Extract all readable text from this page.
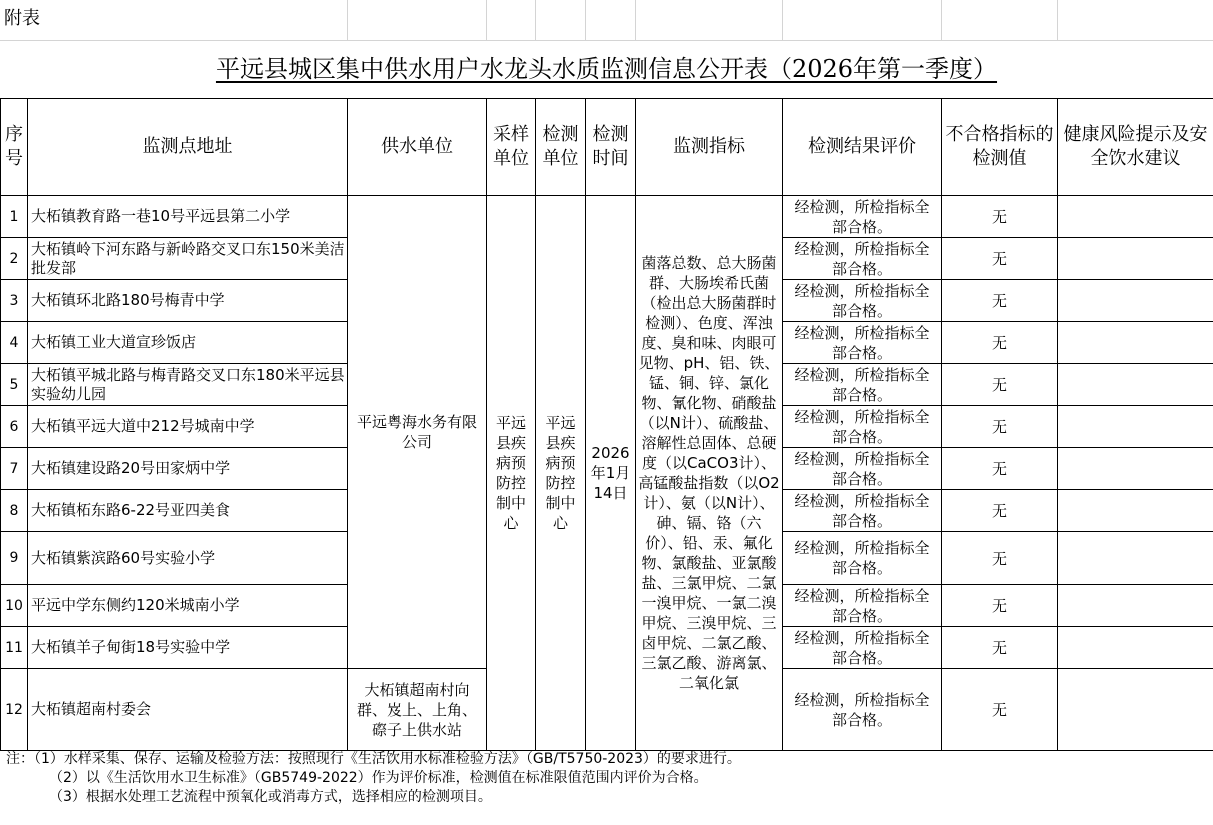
附表
平远县城区集中供水用户水龙头水质监测信息公开表（2026年第一季度）
序号	监测点地址	供水单位	采样单位	检测单位	检测时间	监测指标	检测结果评价	不合格指标的检测值	健康风险提示及安全饮水建议
1	大柘镇教育路一巷10号平远县第二小学	平远粤海水务有限公司	平远县疾病预防控制中心	平远县疾病预防控制中心	2026年1月14日	菌落总数、总大肠菌群、大肠埃希氏菌（检出总大肠菌群时检测）、色度、浑浊度、臭和味、肉眼可见物、pH、铝、铁、锰、铜、锌、氯化物、氰化物、硝酸盐（以N计）、硫酸盐、溶解性总固体、总硬度（以CaCO3计）、高锰酸盐指数（以O2计）、氨（以N计）、砷、镉、铬（六价）、铅、汞、氟化物、氯酸盐、亚氯酸盐、三氯甲烷、二氯一溴甲烷、一氯二溴甲烷、三溴甲烷、三卤甲烷、二氯乙酸、三氯乙酸、游离氯、二氧化氯	经检测，所检指标全部合格。	无	
2	大柘镇岭下河东路与新岭路交叉口东150米美洁批发部						经检测，所检指标全部合格。	无	
3	大柘镇环北路180号梅青中学						经检测，所检指标全部合格。	无	
4	大柘镇工业大道宣珍饭店						经检测，所检指标全部合格。	无	
5	大柘镇平城北路与梅青路交叉口东180米平远县实验幼儿园						经检测，所检指标全部合格。	无	
6	大柘镇平远大道中212号城南中学						经检测，所检指标全部合格。	无	
7	大柘镇建设路20号田家炳中学						经检测，所检指标全部合格。	无	
8	大柘镇柘东路6-22号亚四美食						经检测，所检指标全部合格。	无	
9	大柘镇紫滨路60号实验小学						经检测，所检指标全部合格。	无	
10	平远中学东侧约120米城南小学						经检测，所检指标全部合格。	无	
11	大柘镇羊子甸街18号实验中学						经检测，所检指标全部合格。	无	
12	大柘镇超南村委会	大柘镇超南村向群、岌上、上角、磜子上供水站					经检测，所检指标全部合格。	无	
注：（1）水样采集、保存、运输及检验方法：按照现行《生活饮用水标准检验方法》（GB/T5750-2023）的要求进行。
（2）以《生活饮用水卫生标准》（GB5749-2022）作为评价标准，检测值在标准限值范围内评价为合格。
（3）根据水处理工艺流程中预氧化或消毒方式，选择相应的检测项目。
